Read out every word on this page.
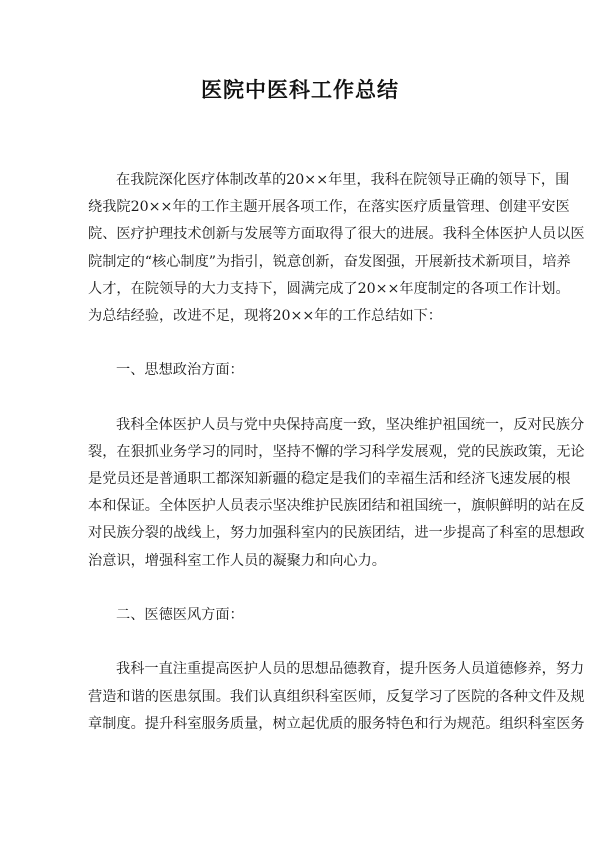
医院中医科工作总结
在我院深化医疗体制改革的20××年里，我科在院领导正确的领导下，围
绕我院20××年的工作主题开展各项工作，在落实医疗质量管理、创建平安医
院、医疗护理技术创新与发展等方面取得了很大的进展。我科全体医护人员以医
院制定的“核心制度”为指引，锐意创新，奋发图强，开展新技术新项目，培养
人才，在院领导的大力支持下，圆满完成了20××年度制定的各项工作计划。
为总结经验，改进不足，现将20××年的工作总结如下：
一、思想政治方面：
我科全体医护人员与党中央保持高度一致，坚决维护祖国统一，反对民族分
裂，在狠抓业务学习的同时，坚持不懈的学习科学发展观，党的民族政策，无论
是党员还是普通职工都深知新疆的稳定是我们的幸福生活和经济飞速发展的根
本和保证。全体医护人员表示坚决维护民族团结和祖国统一，旗帜鲜明的站在反
对民族分裂的战线上，努力加强科室内的民族团结，进一步提高了科室的思想政
治意识，增强科室工作人员的凝聚力和向心力。
二、医德医风方面：
我科一直注重提高医护人员的思想品德教育，提升医务人员道德修养，努力
营造和谐的医患氛围。我们认真组织科室医师，反复学习了医院的各种文件及规
章制度。提升科室服务质量，树立起优质的服务特色和行为规范。组织科室医务
